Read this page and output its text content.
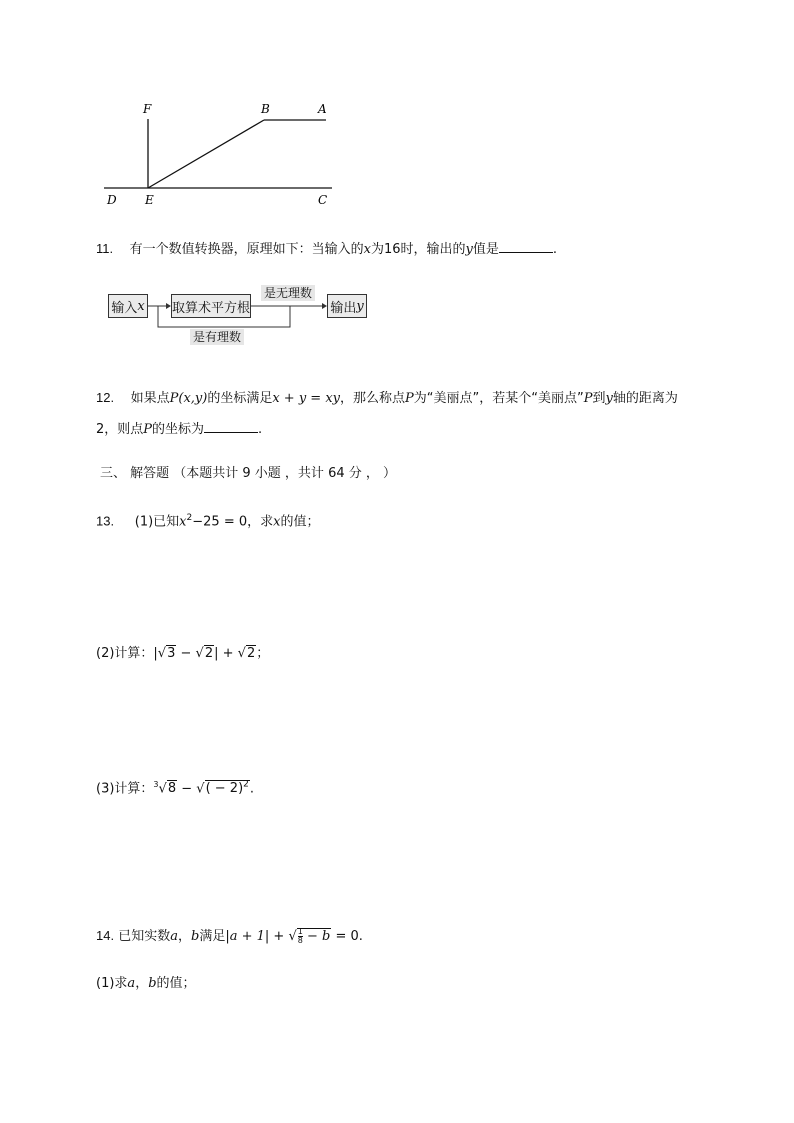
F	B	A
D E	C
11. 有一个数值转换器，原理如下：当输入的x为16时，输出的y值是	.
输入 x 取算术平方根
是无理数
输出 y
是有理数
12. 如果点P(x,y)的坐标满足x + y = xy，那么称点P为“美丽点”，若某个“美丽点”P到y轴的距离为
2，则点P的坐标为	.
三、 解答题 （本题共计 9 小题 ，共计 64 分 ， ）
13. (1)已知$x^2-25 = 0$，求x的值；
(2)计算：|√3 − √2| + √2；
(3)计算：$^3$√8 − √( − 2)$^2$.
14. 已知实数a，b满足|a + 1| + √ $\frac{1}{8} - b = 0$.
(1)求a，b的值；
